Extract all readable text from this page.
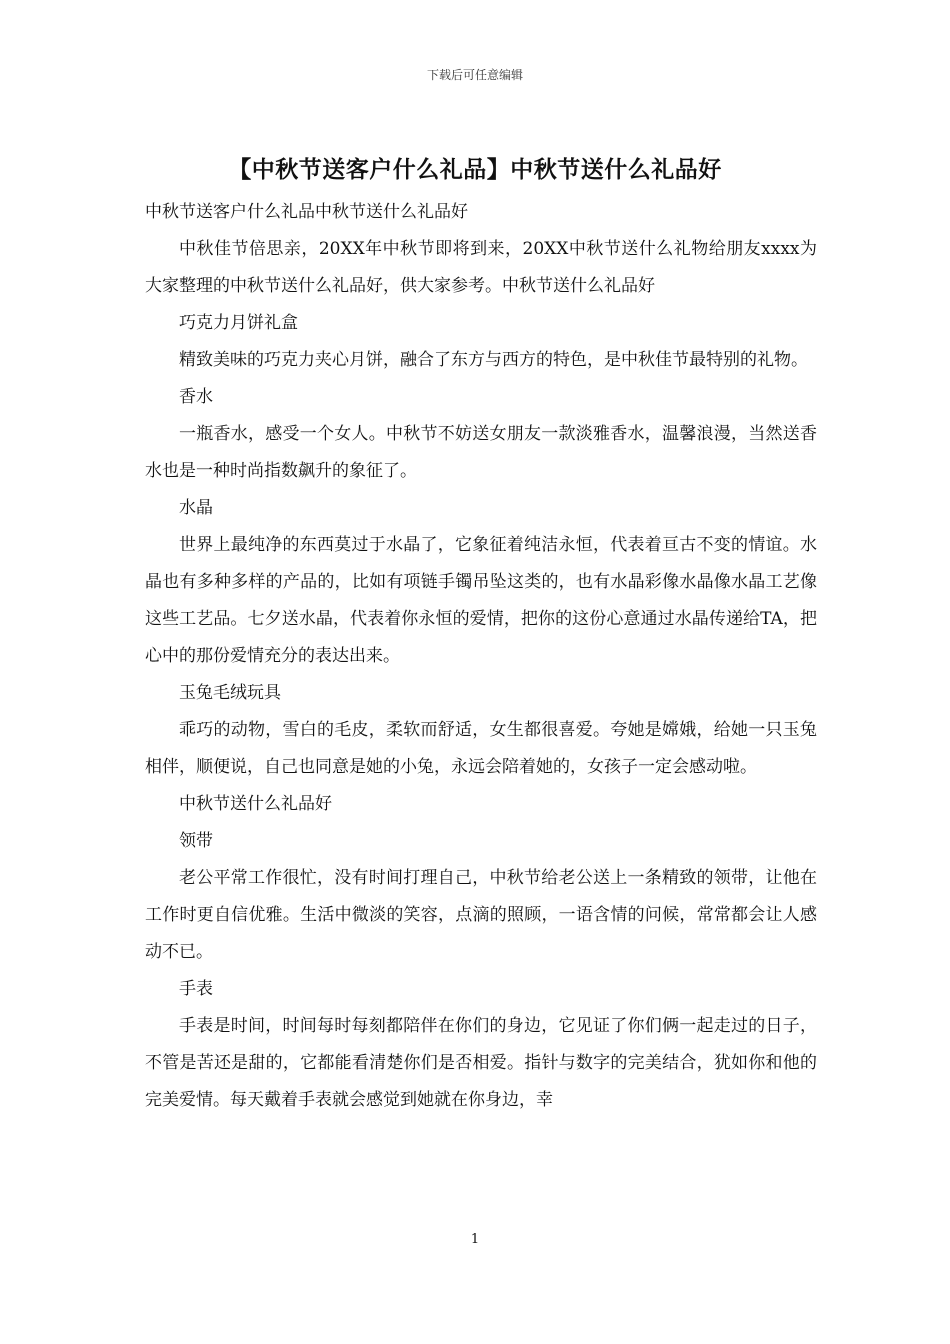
下载后可任意编辑
【中秋节送客户什么礼品】中秋节送什么礼品好

中秋节送客户什么礼品中秋节送什么礼品好

中秋佳节倍思亲，20XX年中秋节即将到来，20XX中秋节送什么礼物给朋友xxxx为大家整理的中秋节送什么礼品好，供大家参考。中秋节送什么礼品好

巧克力月饼礼盒

精致美味的巧克力夹心月饼，融合了东方与西方的特色，是中秋佳节最特别的礼物。

香水

一瓶香水，感受一个女人。中秋节不妨送女朋友一款淡雅香水，温馨浪漫，当然送香水也是一种时尚指数飙升的象征了。

水晶

世界上最纯净的东西莫过于水晶了，它象征着纯洁永恒，代表着亘古不变的情谊。水晶也有多种多样的产品的，比如有项链手镯吊坠这类的，也有水晶彩像水晶像水晶工艺像这些工艺品。七夕送水晶，代表着你永恒的爱情，把你的这份心意通过水晶传递给TA，把心中的那份爱情充分的表达出来。

玉兔毛绒玩具

乖巧的动物，雪白的毛皮，柔软而舒适，女生都很喜爱。夸她是嫦娥，给她一只玉兔相伴，顺便说，自己也同意是她的小兔，永远会陪着她的，女孩子一定会感动啦。

中秋节送什么礼品好

领带

老公平常工作很忙，没有时间打理自己，中秋节给老公送上一条精致的领带，让他在工作时更自信优雅。生活中微淡的笑容，点滴的照顾，一语含情的问候，常常都会让人感动不已。

手表

手表是时间，时间每时每刻都陪伴在你们的身边，它见证了你们俩一起走过的日子，不管是苦还是甜的，它都能看清楚你们是否相爱。指针与数字的完美结合，犹如你和他的完美爱情。每天戴着手表就会感觉到她就在你身边，幸

1
